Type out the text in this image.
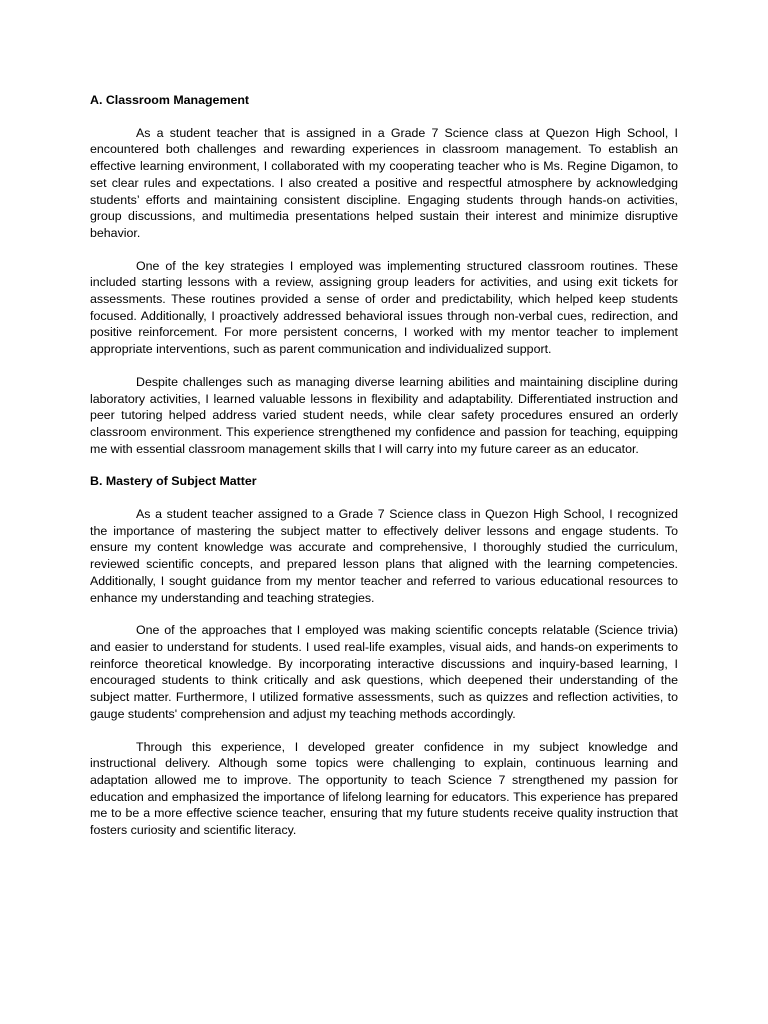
A. Classroom Management

As a student teacher that is assigned in a Grade 7 Science class at Quezon High School, I encountered both challenges and rewarding experiences in classroom management. To establish an effective learning environment, I collaborated with my cooperating teacher who is Ms. Regine Digamon, to set clear rules and expectations. I also created a positive and respectful atmosphere by acknowledging students’ efforts and maintaining consistent discipline. Engaging students through hands-on activities, group discussions, and multimedia presentations helped sustain their interest and minimize disruptive behavior.

One of the key strategies I employed was implementing structured classroom routines. These included starting lessons with a review, assigning group leaders for activities, and using exit tickets for assessments. These routines provided a sense of order and predictability, which helped keep students focused. Additionally, I proactively addressed behavioral issues through non-verbal cues, redirection, and positive reinforcement. For more persistent concerns, I worked with my mentor teacher to implement appropriate interventions, such as parent communication and individualized support.

Despite challenges such as managing diverse learning abilities and maintaining discipline during laboratory activities, I learned valuable lessons in flexibility and adaptability. Differentiated instruction and peer tutoring helped address varied student needs, while clear safety procedures ensured an orderly classroom environment. This experience strengthened my confidence and passion for teaching, equipping me with essential classroom management skills that I will carry into my future career as an educator.

B. Mastery of Subject Matter

As a student teacher assigned to a Grade 7 Science class in Quezon High School, I recognized the importance of mastering the subject matter to effectively deliver lessons and engage students. To ensure my content knowledge was accurate and comprehensive, I thoroughly studied the curriculum, reviewed scientific concepts, and prepared lesson plans that aligned with the learning competencies. Additionally, I sought guidance from my mentor teacher and referred to various educational resources to enhance my understanding and teaching strategies.

One of the approaches that I employed was making scientific concepts relatable (Science trivia) and easier to understand for students. I used real-life examples, visual aids, and hands-on experiments to reinforce theoretical knowledge. By incorporating interactive discussions and inquiry-based learning, I encouraged students to think critically and ask questions, which deepened their understanding of the subject matter. Furthermore, I utilized formative assessments, such as quizzes and reflection activities, to gauge students' comprehension and adjust my teaching methods accordingly.

Through this experience, I developed greater confidence in my subject knowledge and instructional delivery. Although some topics were challenging to explain, continuous learning and adaptation allowed me to improve. The opportunity to teach Science 7 strengthened my passion for education and emphasized the importance of lifelong learning for educators. This experience has prepared me to be a more effective science teacher, ensuring that my future students receive quality instruction that fosters curiosity and scientific literacy.
